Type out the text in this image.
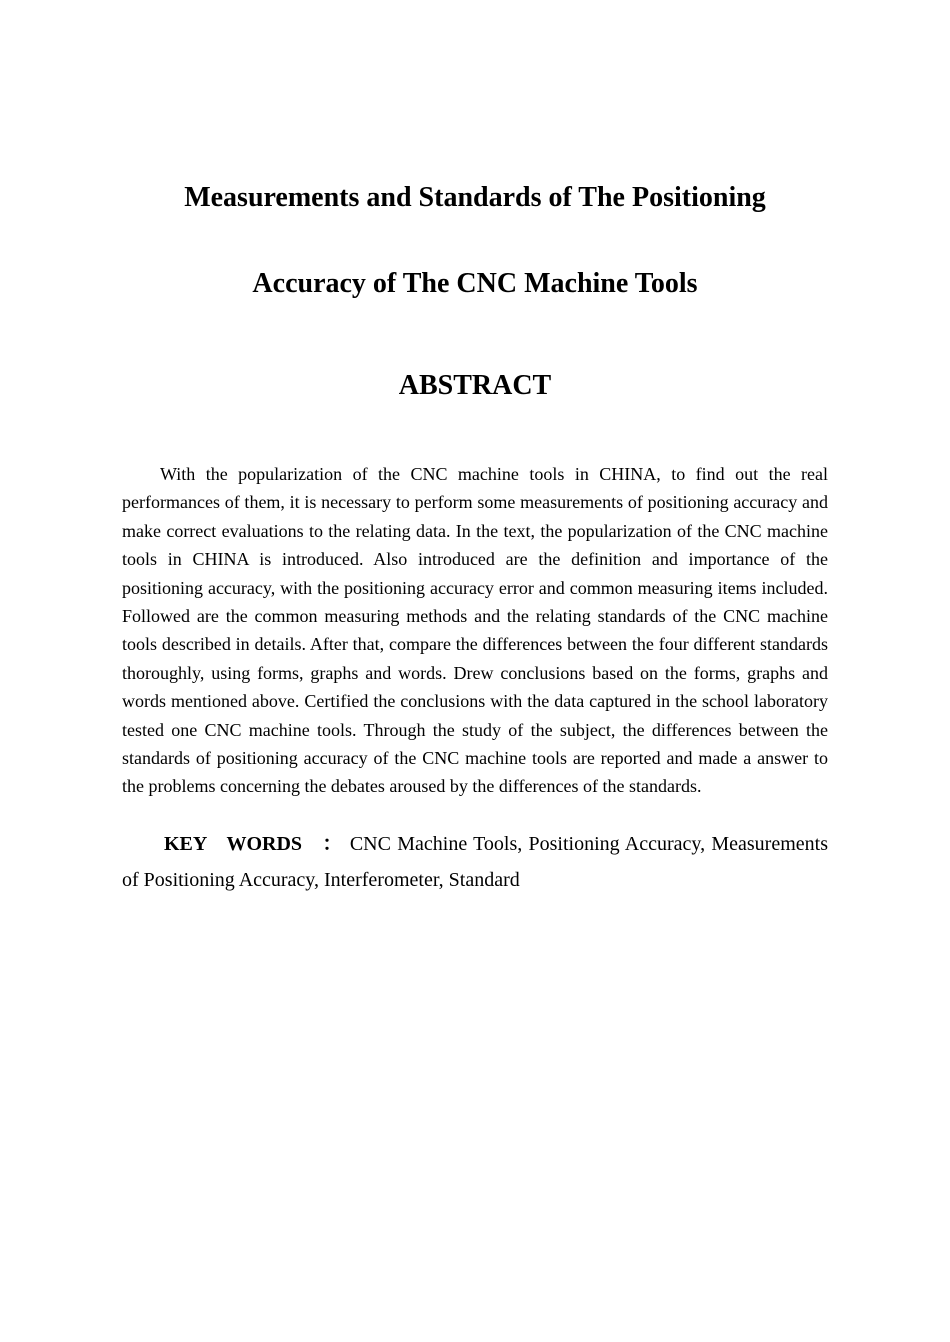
Measurements and Standards of The Positioning
Accuracy of The CNC Machine Tools
ABSTRACT

With the popularization of the CNC machine tools in CHINA, to find out the real performances of them, it is necessary to perform some measurements of positioning accuracy and make correct evaluations to the relating data. In the text, the popularization of the CNC machine tools in CHINA is introduced. Also introduced are the definition and importance of the positioning accuracy, with the positioning accuracy error and common measuring items included. Followed are the common measuring methods and the relating standards of the CNC machine tools described in details. After that, compare the differences between the four different standards thoroughly, using forms, graphs and words. Drew conclusions based on the forms, graphs and words mentioned above. Certified the conclusions with the data captured in the school laboratory tested one CNC machine tools. Through the study of the subject, the differences between the standards of positioning accuracy of the CNC machine tools are reported and made a answer to the problems concerning the debates aroused by the differences of the standards.

KEY WORDS ： CNC Machine Tools, Positioning Accuracy, Measurements of Positioning Accuracy, Interferometer, Standard
